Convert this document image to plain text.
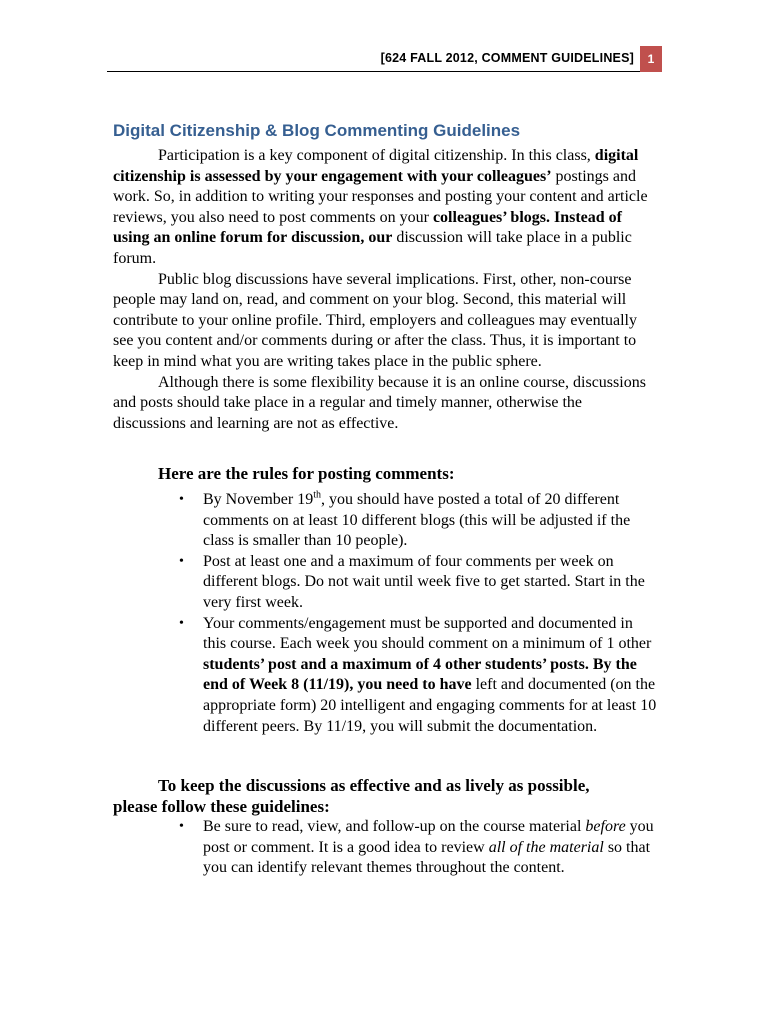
[624 FALL 2012, COMMENT GUIDELINES]	1
Digital Citizenship & Blog Commenting Guidelines

Participation is a key component of digital citizenship. In this class, digital citizenship is assessed by your engagement with your colleagues’ postings and work. So, in addition to writing your responses and posting your content and article reviews, you also need to post comments on your colleagues’ blogs. Instead of using an online forum for discussion, our discussion will take place in a public forum.

Public blog discussions have several implications. First, other, non-course people may land on, read, and comment on your blog. Second, this material will contribute to your online profile. Third, employers and colleagues may eventually see you content and/or comments during or after the class. Thus, it is important to keep in mind what you are writing takes place in the public sphere.

Although there is some flexibility because it is an online course, discussions and posts should take place in a regular and timely manner, otherwise the discussions and learning are not as effective.

Here are the rules for posting comments:
• By November 19th, you should have posted a total of 20 different comments on at least 10 different blogs (this will be adjusted if the class is smaller than 10 people).
• Post at least one and a maximum of four comments per week on different blogs. Do not wait until week five to get started. Start in the very first week.
• Your comments/engagement must be supported and documented in this course. Each week you should comment on a minimum of 1 other students’ post and a maximum of 4 other students’ posts. By the end of Week 8 (11/19), you need to have left and documented (on the appropriate form) 20 intelligent and engaging comments for at least 10 different peers. By 11/19, you will submit the documentation.
To keep the discussions as effective and as lively as possible,
please follow these guidelines:
• Be sure to read, view, and follow-up on the course material before you post or comment. It is a good idea to review all of the material so that you can identify relevant themes throughout the content.
